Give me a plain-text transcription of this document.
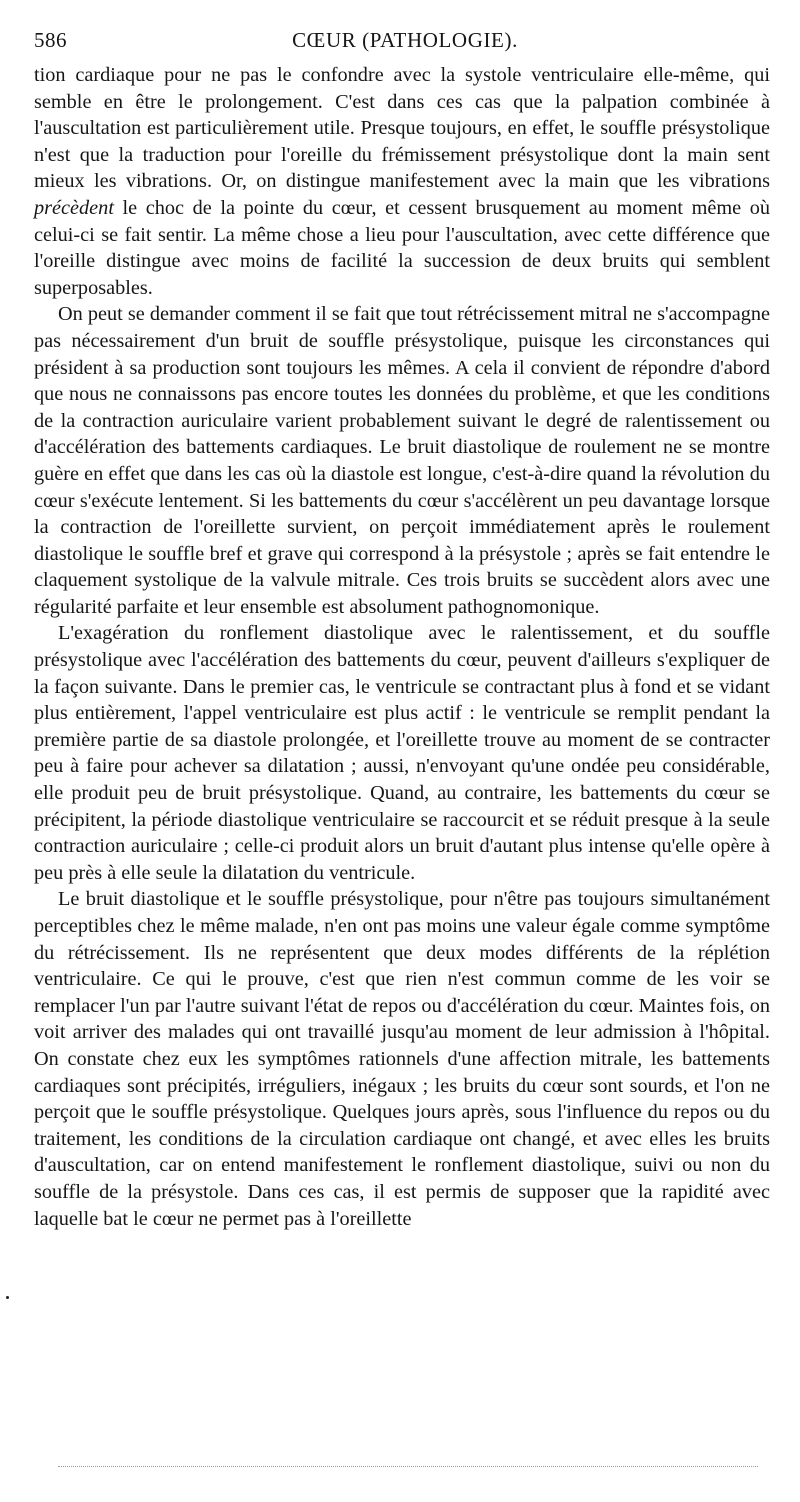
586	CŒUR (PATHOLOGIE).

tion cardiaque pour ne pas le confondre avec la systole ventriculaire elle-même, qui semble en être le prolongement. C'est dans ces cas que la palpation combinée à l'auscultation est particulièrement utile. Presque toujours, en effet, le souffle présystolique n'est que la traduction pour l'oreille du frémissement présystolique dont la main sent mieux les vibrations. Or, on distingue manifestement avec la main que les vibrations précèdent le choc de la pointe du cœur, et cessent brusquement au moment même où celui-ci se fait sentir. La même chose a lieu pour l'auscultation, avec cette différence que l'oreille distingue avec moins de facilité la succession de deux bruits qui semblent superposables.

On peut se demander comment il se fait que tout rétrécissement mitral ne s'accompagne pas nécessairement d'un bruit de souffle présystolique, puisque les circonstances qui président à sa production sont toujours les mêmes. A cela il convient de répondre d'abord que nous ne connaissons pas encore toutes les données du problème, et que les conditions de la contraction auriculaire varient probablement suivant le degré de ralentissement ou d'accélération des battements cardiaques. Le bruit diastolique de roulement ne se montre guère en effet que dans les cas où la diastole est longue, c'est-à-dire quand la révolution du cœur s'exécute lentement. Si les battements du cœur s'accélèrent un peu davantage lorsque la contraction de l'oreillette survient, on perçoit immédiatement après le roulement diastolique le souffle bref et grave qui correspond à la présystole ; après se fait entendre le claquement systolique de la valvule mitrale. Ces trois bruits se succèdent alors avec une régularité parfaite et leur ensemble est absolument pathognomonique.

L'exagération du ronflement diastolique avec le ralentissement, et du souffle présystolique avec l'accélération des battements du cœur, peuvent d'ailleurs s'expliquer de la façon suivante. Dans le premier cas, le ventricule se contractant plus à fond et se vidant plus entièrement, l'appel ventriculaire est plus actif : le ventricule se remplit pendant la première partie de sa diastole prolongée, et l'oreillette trouve au moment de se contracter peu à faire pour achever sa dilatation ; aussi, n'envoyant qu'une ondée peu considérable, elle produit peu de bruit présystolique. Quand, au contraire, les battements du cœur se précipitent, la période diastolique ventriculaire se raccourcit et se réduit presque à la seule contraction auriculaire ; celle-ci produit alors un bruit d'autant plus intense qu'elle opère à peu près à elle seule la dilatation du ventricule.

Le bruit diastolique et le souffle présystolique, pour n'être pas toujours simultanément perceptibles chez le même malade, n'en ont pas moins une valeur égale comme symptôme du rétrécissement. Ils ne représentent que deux modes différents de la réplétion ventriculaire. Ce qui le prouve, c'est que rien n'est commun comme de les voir se remplacer l'un par l'autre suivant l'état de repos ou d'accélération du cœur. Maintes fois, on voit arriver des malades qui ont travaillé jusqu'au moment de leur admission à l'hôpital. On constate chez eux les symptômes rationnels d'une affection mitrale, les battements cardiaques sont précipités, irréguliers, inégaux ; les bruits du cœur sont sourds, et l'on ne perçoit que le souffle présystolique. Quelques jours après, sous l'influence du repos ou du traitement, les conditions de la circulation cardiaque ont changé, et avec elles les bruits d'auscultation, car on entend manifestement le ronflement diastolique, suivi ou non du souffle de la présystole. Dans ces cas, il est permis de supposer que la rapidité avec laquelle bat le cœur ne permet pas à l'oreillette
